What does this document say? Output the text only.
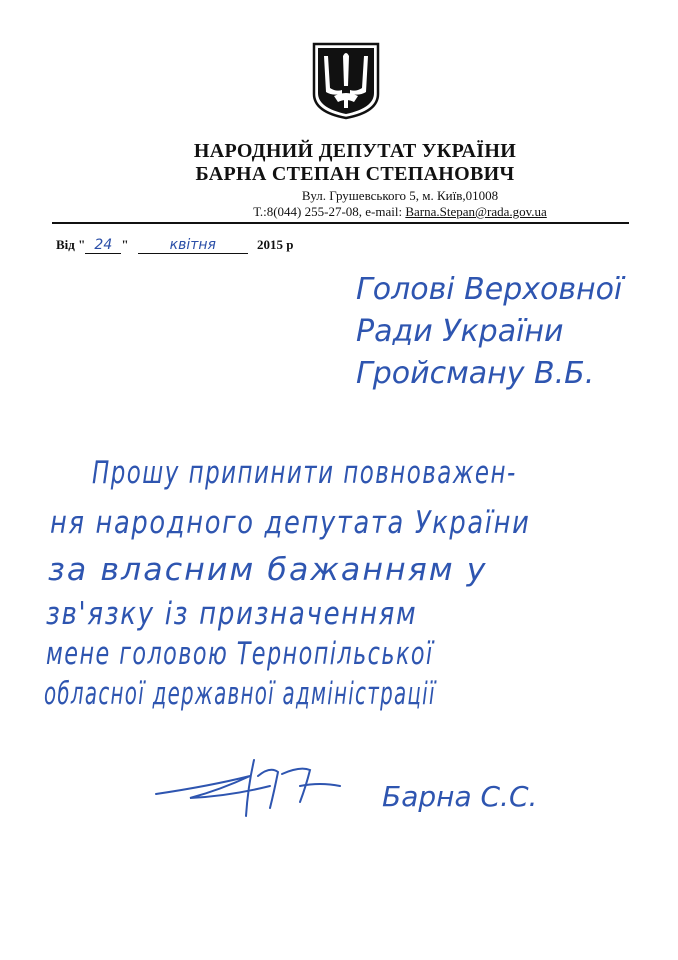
НАРОДНИЙ ДЕПУТАТ УКРАЇНИ
БАРНА СТЕПАН СТЕПАНОВИЧ
Вул. Грушевського 5, м. Київ,01008
Т.:8(044) 255-27-08, e-mail: Barna.Stepan@rada.gov.ua
Від " 24 "	квітня	2015 р
Голові Верховної
Ради України
Гройсману В.Б.
Прошу припинити повноважен-
ня народного депутата України
за власним бажанням у
зв'язку із призначенням
мене головою Тернопільської
обласної державної адміністрації
Барна С.С.
